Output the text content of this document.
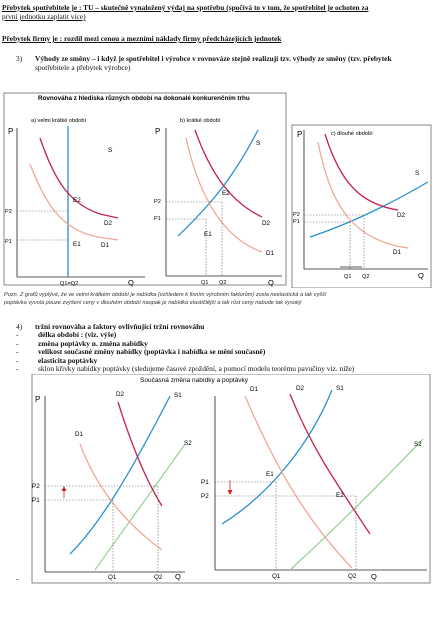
Přebytek spotřebitele je : TU – skutečně vynaložený výdaj na spotřebu (spočívá to v tom, že spotřebitel je ochoten za
první jednotku zaplatit více)
Přebytek firmy je : rozdíl mezi cenou a mezními náklady firmy předcházejících jednotek
3) Výhody ze směny – i když je spotřebitel i výrobce v rovnováze stejně realizují tzv. výhody ze směny (tzv. přebytek
spotřebitele a přebytek výrobce)
Rovnováha z hlediska různých období na dokonalé konkurenčním trhu
a) velmi krátké období
P
S
P2
P1
E2
E1
D2
D1
Q1=Q2	Q
b) krátké období
P
S
P2
P1
E2
E1
D2
D1
Q1 Q2	Q
c) dlouhé období
P
S
P2
P1
D2
D1
Q1 Q2	Q
Pozn. Z grafů vyplývá, že ve velmi krátkém období je nabídka (vzhledem k fixním výrobním faktorům) zcela neelastická a tak vyšší
poptávka vyvolá pouze zvýšení ceny v dlouhém období naopak je nabídka elastičtější a tak růst ceny nabude tak vysoký
4) tržní rovnováha a faktory ovlivňující tržní rovnováhu
-	délka období : (viz. výše)
-	změna poptávky n. změna nabídky
-	velikost současné změny nabídky (poptávka i nabídka se mění současně)
-	elasticita poptávky
-	sklon křivky nabídky poptávky (sledujeme časové zpoždění, a pomocí modelu teorému pavučiny viz. níže)
Současná změna nabídky a poptávky
P
P2
P1
D1
D2	S1
S2
Q1	Q2 Q
P1
P2
E1
E2
D1	D2	S1
S2
Q1	Q2 Q
-
